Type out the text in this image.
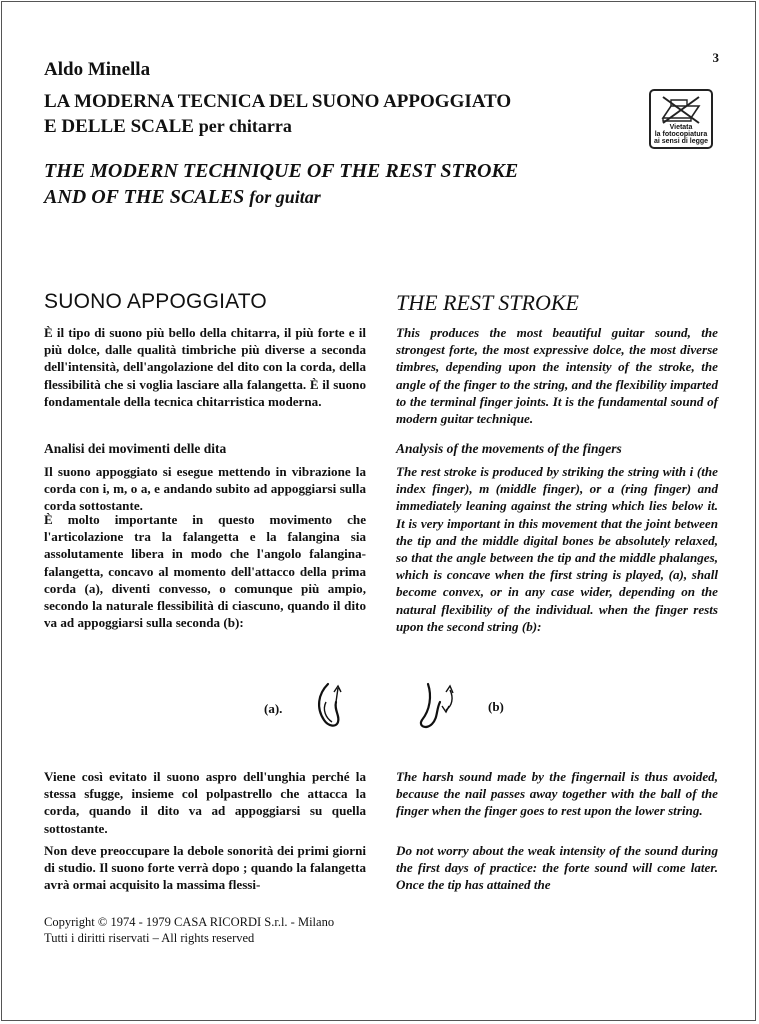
3
Aldo Minella
LA MODERNA TECNICA DEL SUONO APPOGGIATO
E DELLE SCALE per chitarra
THE MODERN TECHNIQUE OF THE REST STROKE
AND OF THE SCALES for guitar
Vietata
la fotocopiatura
ai sensi di legge
SUONO APPOGGIATO
È il tipo di suono più bello della chitarra, il più forte e il più dolce, dalle qualità timbriche più diverse a seconda dell'intensità, dell'angolazione del dito con la corda, della flessibilità che si voglia lasciare alla falangetta. È il suono fondamentale della tecnica chitarristica moderna.
Analisi dei movimenti delle dita
Il suono appoggiato si esegue mettendo in vibrazione la corda con i, m, o a, e andando subito ad appoggiarsi sulla corda sottostante.
È molto importante in questo movimento che l'articolazione tra la falangetta e la falangina sia assolutamente libera in modo che l'angolo falangina-falangetta, concavo al momento dell'attacco della prima corda (a), diventi convesso, o comunque più ampio, secondo la naturale flessibilità di ciascuno, quando il dito va ad appoggiarsi sulla seconda (b):
Viene così evitato il suono aspro dell'unghia perché la stessa sfugge, insieme col polpastrello che attacca la corda, quando il dito va ad appoggiarsi su quella sottostante.
Non deve preoccupare la debole sonorità dei primi giorni di studio. Il suono forte verrà dopo ; quando la falangetta avrà ormai acquisito la massima flessi-
THE REST STROKE
This produces the most beautiful guitar sound, the strongest forte, the most expressive dolce, the most diverse timbres, depending upon the intensity of the stroke, the angle of the finger to the string, and the flexibility imparted to the terminal finger joints. It is the fundamental sound of modern guitar technique.
Analysis of the movements of the fingers
The rest stroke is produced by striking the string with i (the index finger), m (middle finger), or a (ring finger) and immediately leaning against the string which lies below it. It is very important in this movement that the joint between the tip and the middle digital bones be absolutely relaxed, so that the angle between the tip and the middle phalanges, which is concave when the first string is played, (a), shall become convex, or in any case wider, depending on the natural flexibility of the individual. when the finger rests upon the second string (b):
The harsh sound made by the fingernail is thus avoided, because the nail passes away together with the ball of the finger when the finger goes to rest upon the lower string.
Do not worry about the weak intensity of the sound during the first days of practice: the forte sound will come later. Once the tip has attained the
(a).	(b)
Copyright © 1974 - 1979 CASA RICORDI S.r.l. - Milano
Tutti i diritti riservati – All rights reserved
